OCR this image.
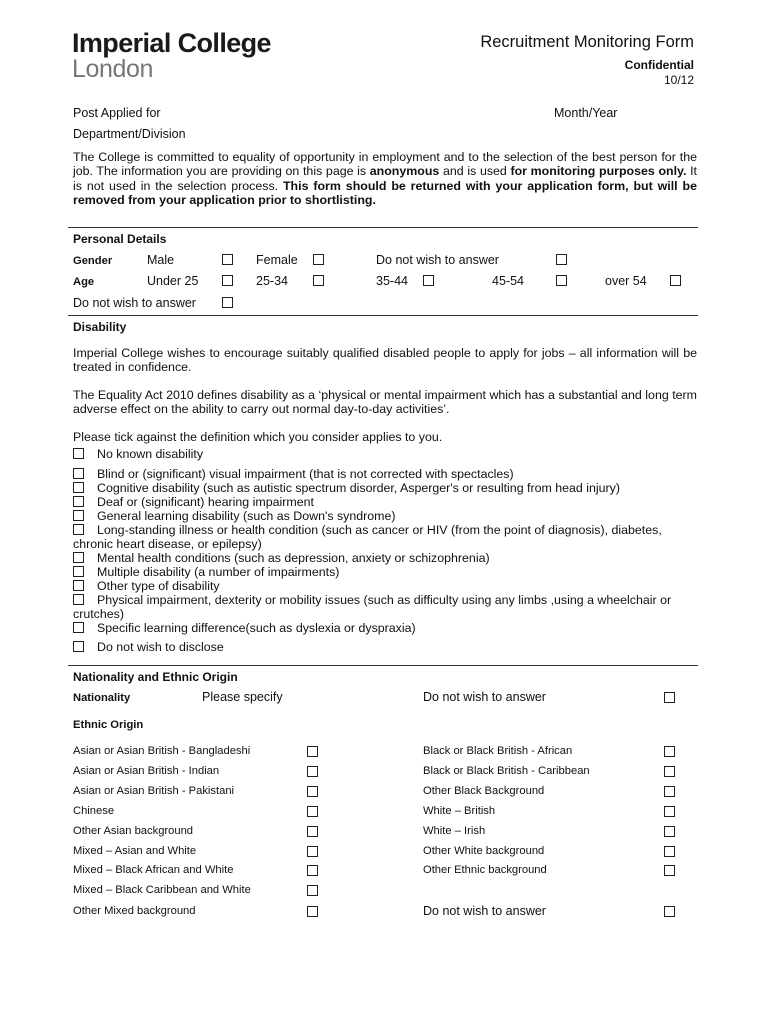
Imperial College
London
Recruitment Monitoring Form
Confidential
10/12
Post Applied for	Month/Year
Department/Division
The College is committed to equality of opportunity in employment and to the selection of the best person for the job. The information you are providing on this page is anonymous and is used for monitoring purposes only. It is not used in the selection process. This form should be returned with your application form, but will be removed from your application prior to shortlisting.
Personal Details
Gender	Male	Female	Do not wish to answer
Age	Under 25	25-34	35-44	45-54	over 54
Do not wish to answer
Disability
Imperial College wishes to encourage suitably qualified disabled people to apply for jobs – all information will be treated in confidence.
The Equality Act 2010 defines disability as a ‘physical or mental impairment which has a substantial and long term adverse effect on the ability to carry out normal day-to-day activities’.
Please tick against the definition which you consider applies to you.
No known disability
Blind or (significant) visual impairment (that is not corrected with spectacles)
Cognitive disability (such as autistic spectrum disorder, Asperger's or resulting from head injury)
Deaf or (significant) hearing impairment
General learning disability (such as Down's syndrome)
Long-standing illness or health condition (such as cancer or HIV (from the point of diagnosis), diabetes, chronic heart disease, or epilepsy)
Mental health conditions (such as depression, anxiety or schizophrenia)
Multiple disability (a number of impairments)
Other type of disability
Physical impairment, dexterity or mobility issues (such as difficulty using any limbs ,using a wheelchair or crutches)
Specific learning difference(such as dyslexia or dyspraxia)
Do not wish to disclose
Nationality and Ethnic Origin
Nationality	Please specify	Do not wish to answer
Ethnic Origin
Asian or Asian British - Bangladeshi	Black or Black British - African
Asian or Asian British - Indian	Black or Black British - Caribbean
Asian or Asian British - Pakistani	Other Black Background
Chinese	White – British
Other Asian background	White – Irish
Mixed – Asian and White	Other White background
Mixed – Black African and White	Other Ethnic background
Mixed – Black Caribbean and White
Other Mixed background	Do not wish to answer
